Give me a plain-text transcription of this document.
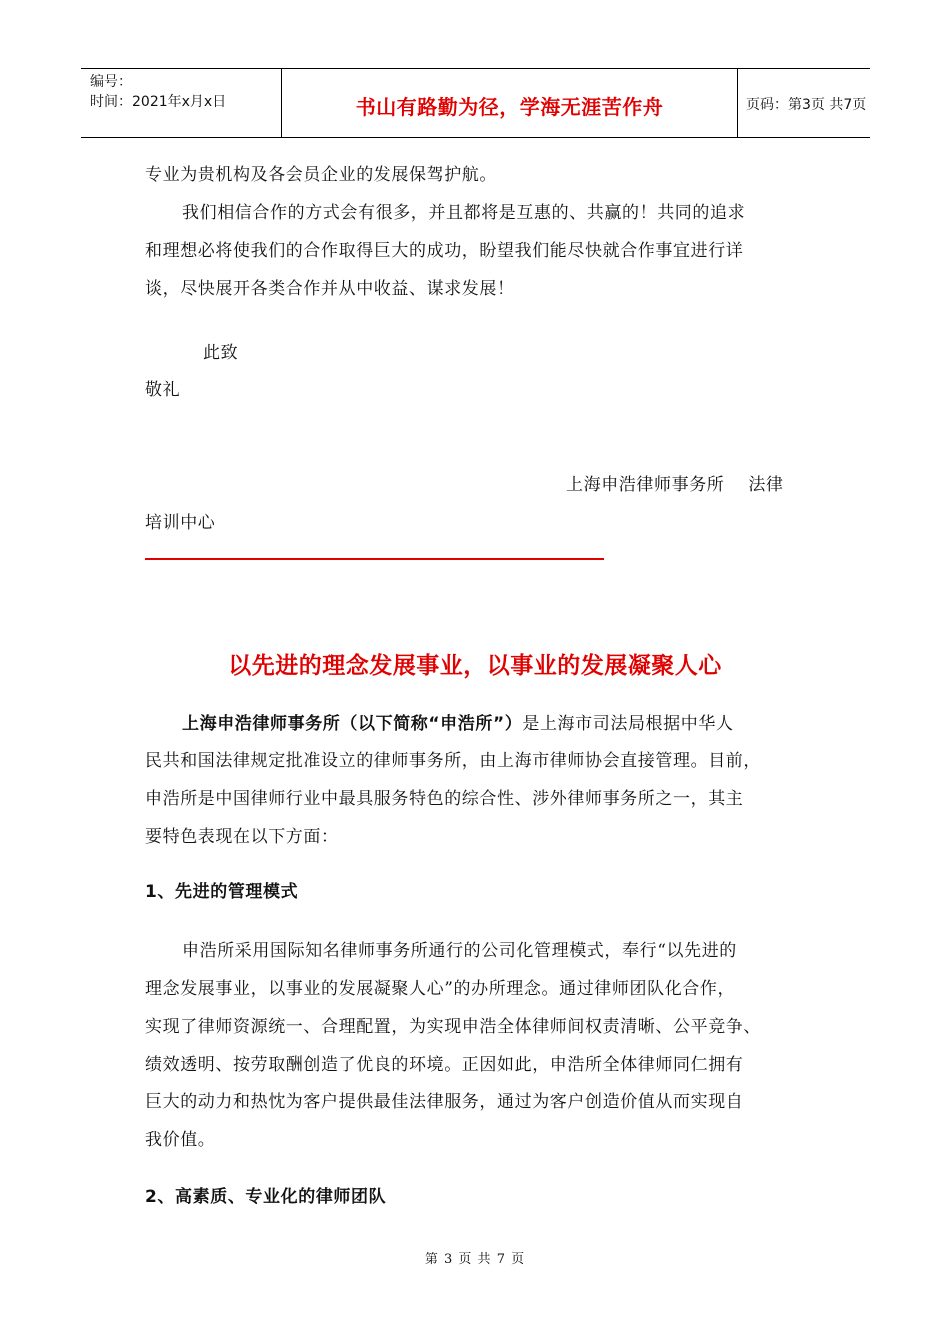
编号：
时间：2021年x月x日	书山有路勤为径，学海无涯苦作舟	页码：第3页 共7页
专业为贵机构及各会员企业的发展保驾护航。
我们相信合作的方式会有很多，并且都将是互惠的、共赢的！共同的追求
和理想必将使我们的合作取得巨大的成功，盼望我们能尽快就合作事宜进行详
谈，尽快展开各类合作并从中收益、谋求发展！
此致
敬礼
上海申浩律师事务所    法律
培训中心
以先进的理念发展事业，以事业的发展凝聚人心
上海申浩律师事务所（以下简称“申浩所”）是上海市司法局根据中华人
民共和国法律规定批准设立的律师事务所，由上海市律师协会直接管理。目前，
申浩所是中国律师行业中最具服务特色的综合性、涉外律师事务所之一，其主
要特色表现在以下方面：
1、先进的管理模式
申浩所采用国际知名律师事务所通行的公司化管理模式，奉行“以先进的
理念发展事业，以事业的发展凝聚人心”的办所理念。通过律师团队化合作，
实现了律师资源统一、合理配置，为实现申浩全体律师间权责清晰、公平竞争、
绩效透明、按劳取酬创造了优良的环境。正因如此，申浩所全体律师同仁拥有
巨大的动力和热忱为客户提供最佳法律服务，通过为客户创造价值从而实现自
我价值。
2、高素质、专业化的律师团队
第 3 页 共 7 页
